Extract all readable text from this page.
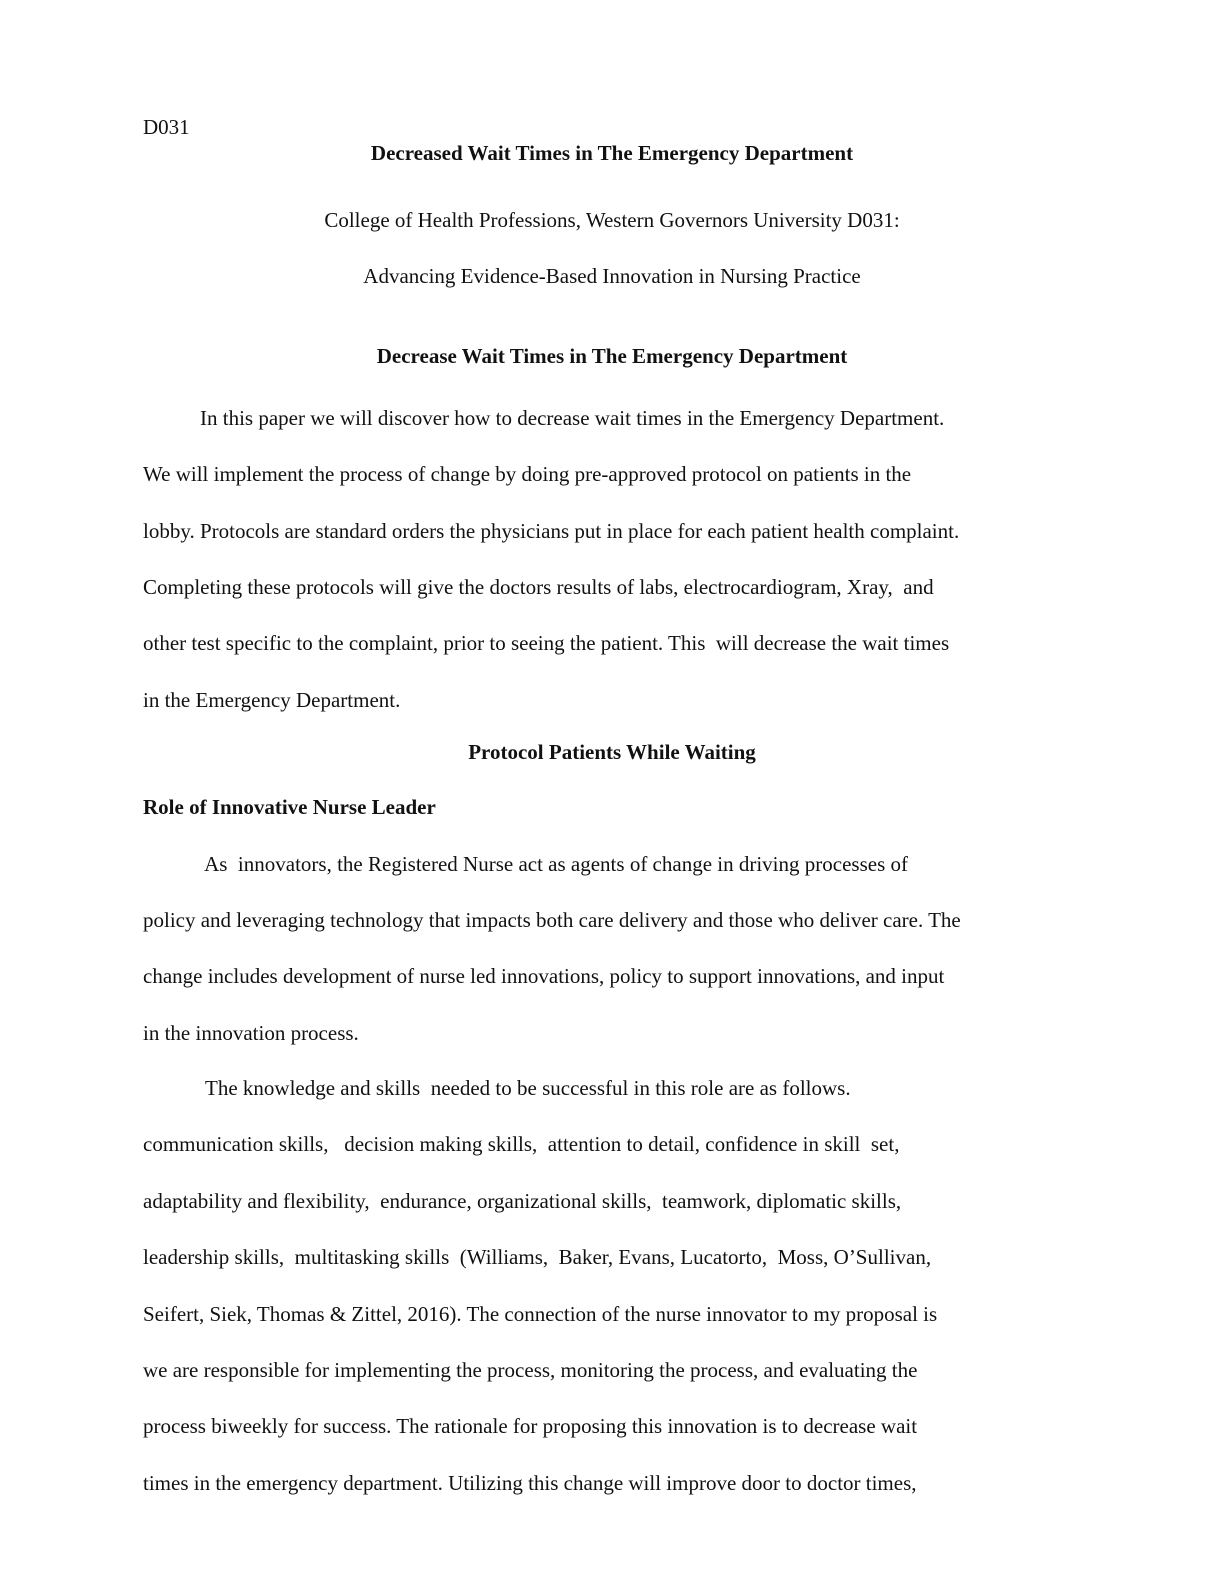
D031
Decreased Wait Times in The Emergency Department
College of Health Professions, Western Governors University D031:
Advancing Evidence-Based Innovation in Nursing Practice
Decrease Wait Times in The Emergency Department
In this paper we will discover how to decrease wait times in the Emergency Department.
We will implement the process of change by doing pre-approved protocol on patients in the
lobby. Protocols are standard orders the physicians put in place for each patient health complaint.
Completing these protocols will give the doctors results of labs, electrocardiogram, Xray,  and
other test specific to the complaint, prior to seeing the patient. This  will decrease the wait times
in the Emergency Department.
Protocol Patients While Waiting
Role of Innovative Nurse Leader
As  innovators, the Registered Nurse act as agents of change in driving processes of
policy and leveraging technology that impacts both care delivery and those who deliver care. The
change includes development of nurse led innovations, policy to support innovations, and input
in the innovation process.
The knowledge and skills  needed to be successful in this role are as follows.
communication skills,   decision making skills,  attention to detail, confidence in skill  set,
adaptability and flexibility,  endurance, organizational skills,  teamwork, diplomatic skills,
leadership skills,  multitasking skills  (Williams,  Baker, Evans, Lucatorto,  Moss, O’Sullivan,
Seifert, Siek, Thomas & Zittel, 2016). The connection of the nurse innovator to my proposal is
we are responsible for implementing the process, monitoring the process, and evaluating the
process biweekly for success. The rationale for proposing this innovation is to decrease wait
times in the emergency department. Utilizing this change will improve door to doctor times,
